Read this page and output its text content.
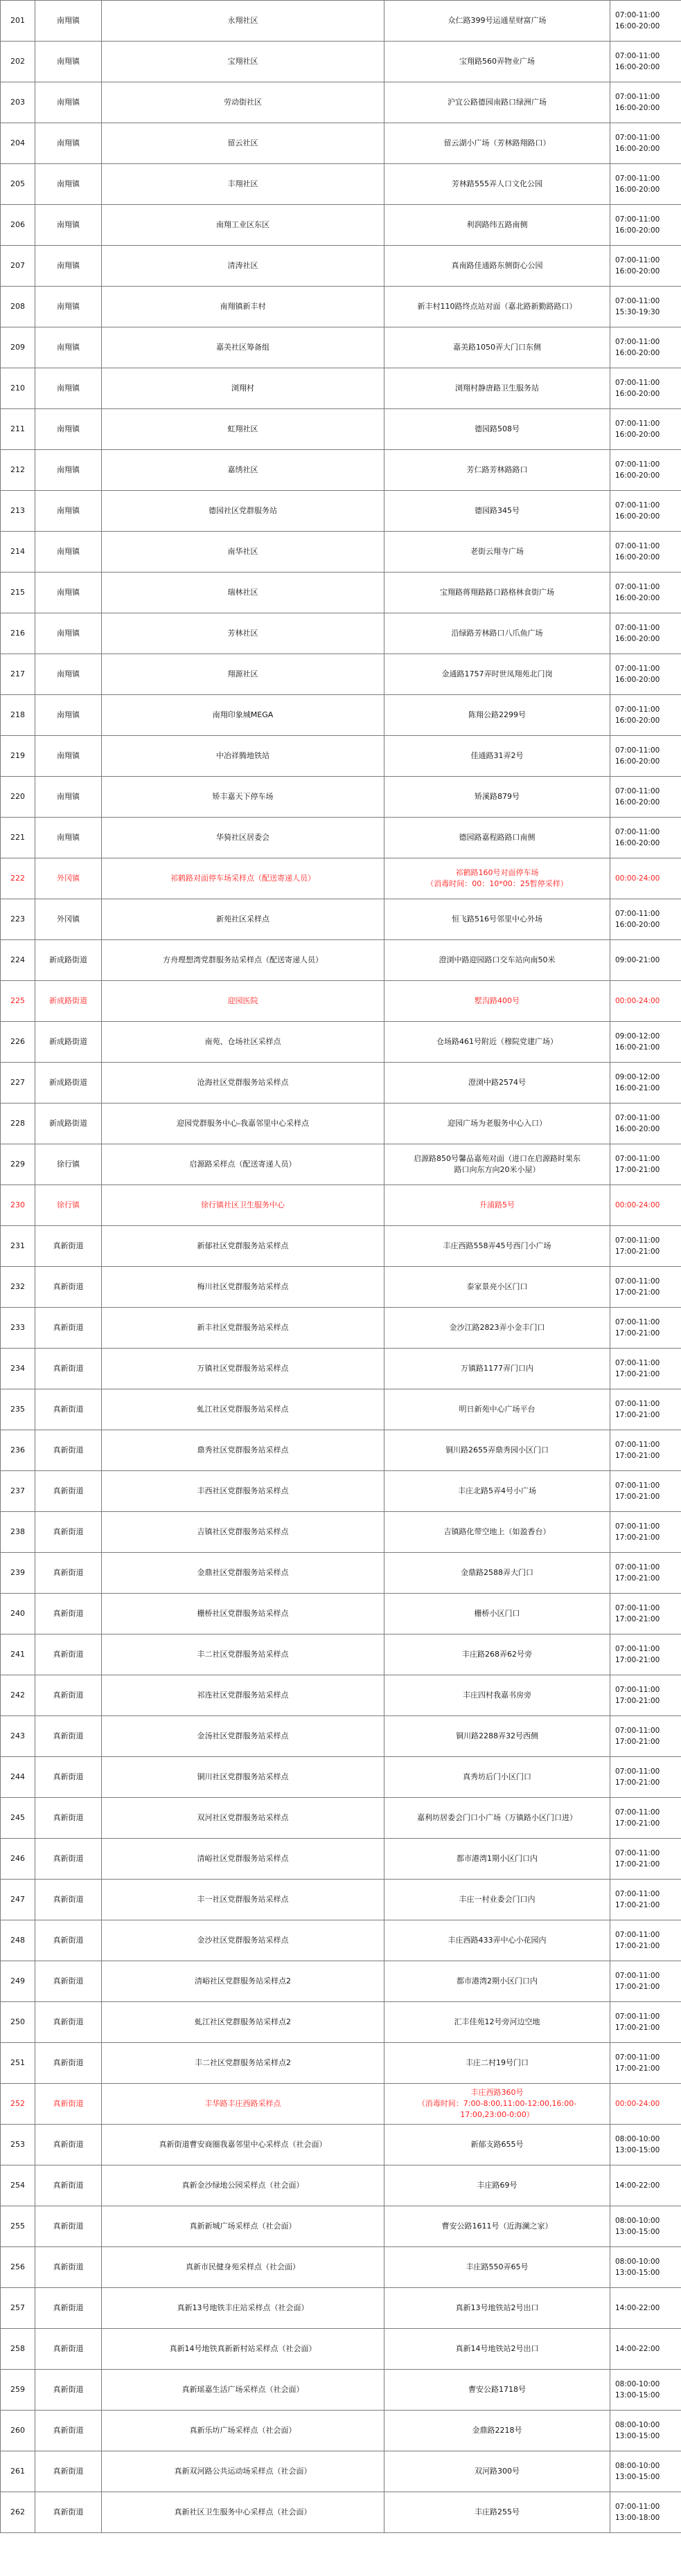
201	南翔镇	永翔社区	众仁路399号运通星财富广场	07:00-11:00
16:00-20:00

202	南翔镇	宝翔社区	宝翔路560弄物业广场	07:00-11:00
16:00-20:00

203	南翔镇	劳动街社区	沪宜公路德园南路口绿洲广场	07:00-11:00
16:00-20:00

204	南翔镇	留云社区	留云湖小广场（芳林路翔路口）	07:00-11:00
16:00-20:00

205	南翔镇	丰翔社区	芳林路555弄人口文化公园	07:00-11:00
16:00-20:00

206	南翔镇	南翔工业区东区	利润路纬五路南侧	07:00-11:00
16:00-20:00

207	南翔镇	清涛社区	真南路佳通路东侧街心公园	07:00-11:00
16:00-20:00

208	南翔镇	南翔镇新丰村	新丰村110路终点站对面（嘉北路新勤路路口）	07:00-11:00
15:30-19:30

209	南翔镇	嘉美社区筹备组	嘉美路1050弄大门口东侧	07:00-11:00
16:00-20:00

210	南翔镇	浏翔村	浏翔村静唐路卫生服务站	07:00-11:00
16:00-20:00

211	南翔镇	虹翔社区	德园路508号	07:00-11:00
16:00-20:00

212	南翔镇	嘉绣社区	芳仁路芳林路路口	07:00-11:00
16:00-20:00

213	南翔镇	德园社区党群服务站	德园路345号	07:00-11:00
16:00-20:00

214	南翔镇	南华社区	老街云翔寺广场	07:00-11:00
16:00-20:00

215	南翔镇	瑞林社区	宝翔路蒋翔路路口路格林食街广场	07:00-11:00
16:00-20:00

216	南翔镇	芳林社区	沿绿路芳林路口八爪鱼广场	07:00-11:00
16:00-20:00

217	南翔镇	翔源社区	金通路1757弄时世凤翔苑北门岗	07:00-11:00
16:00-20:00

218	南翔镇	南翔印象城MEGA	陈翔公路2299号	07:00-11:00
16:00-20:00

219	南翔镇	中冶祥腾地铁站	佳通路31弄2号	07:00-11:00
16:00-20:00

220	南翔镇	矫丰嘉天下停车场	矫溪路879号	07:00-11:00
16:00-20:00

221	南翔镇	华猗社区居委会	德园路嘉程路路口南侧	07:00-11:00
16:00-20:00

222	外冈镇	祁鹤路对面停车场采样点（配送寄递人员）	祁鹤路160号对面停车场
（消毒时间：00：10*00：25暂停采样）	00:00-24:00

223	外冈镇	新苑社区采样点	恒飞路516号邻里中心外场	07:00-11:00
16:00-20:00

224	新成路街道	方舟理想湾党群服务站采样点（配送寄递人员）	澄浏中路迎园路口交车站向南50米	09:00-21:00

225	新成路街道	迎园医院	墅沟路400号	00:00-24:00

226	新成路街道	南苑、仓场社区采样点	仓场路461号附近（穆院党建广场）	09:00-12:00
16:00-21:00

227	新成路街道	沧海社区党群服务站采样点	澄浏中路2574号	09:00-12:00
16:00-21:00

228	新成路街道	迎园党群服务中心-我嘉邻里中心采样点	迎园广场为老服务中心入口）	07:00-11:00
16:00-20:00

229	徐行镇	启源路采样点（配送寄递人员）	启源路850号馨品嘉苑对面（进口在启源路时果东
路口向东方向20米小屋）	07:00-11:00
17:00-21:00

230	徐行镇	徐行镇社区卫生服务中心	升浦路5号	00:00-24:00

231	真新街道	新郁社区党群服务站采样点	丰庄西路558弄45号西门小广场	07:00-11:00
17:00-21:00

232	真新街道	梅川社区党群服务站采样点	泰家景亮小区门口	07:00-11:00
17:00-21:00

233	真新街道	新丰社区党群服务站采样点	金沙江路2823弄小金丰门口	07:00-11:00
17:00-21:00

234	真新街道	万镇社区党群服务站采样点	万镇路1177弄门口内	07:00-11:00
17:00-21:00

235	真新街道	虬江社区党群服务站采样点	明日新苑中心广场平台	07:00-11:00
17:00-21:00

236	真新街道	鼎秀社区党群服务站采样点	铜川路2655弄鼎秀园小区门口	07:00-11:00
17:00-21:00

237	真新街道	丰西社区党群服务站采样点	丰庄北路5弄4号小广场	07:00-11:00
17:00-21:00

238	真新街道	吉镇社区党群服务站采样点	吉镇路化带空地上（如盈香台）	07:00-11:00
17:00-21:00

239	真新街道	金鼎社区党群服务站采样点	金鼎路2588弄大门口	07:00-11:00
17:00-21:00

240	真新街道	栅桥社区党群服务站采样点	栅桥小区门口	07:00-11:00
17:00-21:00

241	真新街道	丰二社区党群服务站采样点	丰庄路268弄62号旁	07:00-11:00
17:00-21:00

242	真新街道	祁连社区党群服务站采样点	丰庄四村我嘉书房旁	07:00-11:00
17:00-21:00

243	真新街道	金汤社区党群服务站采样点	铜川路2288弄32号西侧	07:00-11:00
17:00-21:00

244	真新街道	铜川社区党群服务站采样点	真秀坊后门小区门口	07:00-11:00
17:00-21:00

245	真新街道	双河社区党群服务站采样点	嘉利坊居委会门口小广场（万镇路小区门口进）	07:00-11:00
17:00-21:00

246	真新街道	清峪社区党群服务站采样点	都市港湾1期小区门口内	07:00-11:00
17:00-21:00

247	真新街道	丰一社区党群服务站采样点	丰庄一村业委会门口内	07:00-11:00
17:00-21:00

248	真新街道	金沙社区党群服务站采样点	丰庄西路433弄中心小花园内	07:00-11:00
17:00-21:00

249	真新街道	清峪社区党群服务站采样点2	都市港湾2期小区门口内	07:00-11:00
17:00-21:00

250	真新街道	虬江社区党群服务站采样点2	汇丰佳苑12号旁河边空地	07:00-11:00
17:00-21:00

251	真新街道	丰二社区党群服务站采样点2	丰庄二村19号门口	07:00-11:00
17:00-21:00

252	真新街道	丰华路丰庄西路采样点	丰庄西路360号
（消毒时间：7:00-8:00,11:00-12:00,16:00-
17:00,23:00-0:00）	00:00-24:00

253	真新街道	真新街道曹安商圈我嘉邻里中心采样点（社会面）	新郁支路655号	08:00-10:00
13:00-15:00

254	真新街道	真新金沙绿地公园采样点（社会面）	丰庄路69号	14:00-22:00

255	真新街道	真新新城广场采样点（社会面）	曹安公路1611号（近海澜之家）	08:00-10:00
13:00-15:00

256	真新街道	真新市民健身苑采样点（社会面）	丰庄路550弄65号	08:00-10:00
13:00-15:00

257	真新街道	真新13号地铁丰庄站采样点（社会面）	真新13号地铁站2号出口	14:00-22:00

258	真新街道	真新14号地铁真新新村站采样点（社会面）	真新14号地铁站2号出口	14:00-22:00

259	真新街道	真新瑶嘉生活广场采样点（社会面）	曹安公路1718号	08:00-10:00
13:00-15:00

260	真新街道	真新乐坊广场采样点（社会面）	金鼎路2218号	08:00-10:00
13:00-15:00

261	真新街道	真新双河路公共运动场采样点（社会面）	双河路300号	08:00-10:00
13:00-15:00

262	真新街道	真新社区卫生服务中心采样点（社会面）	丰庄路255号	07:00-11:00
13:00-18:00
